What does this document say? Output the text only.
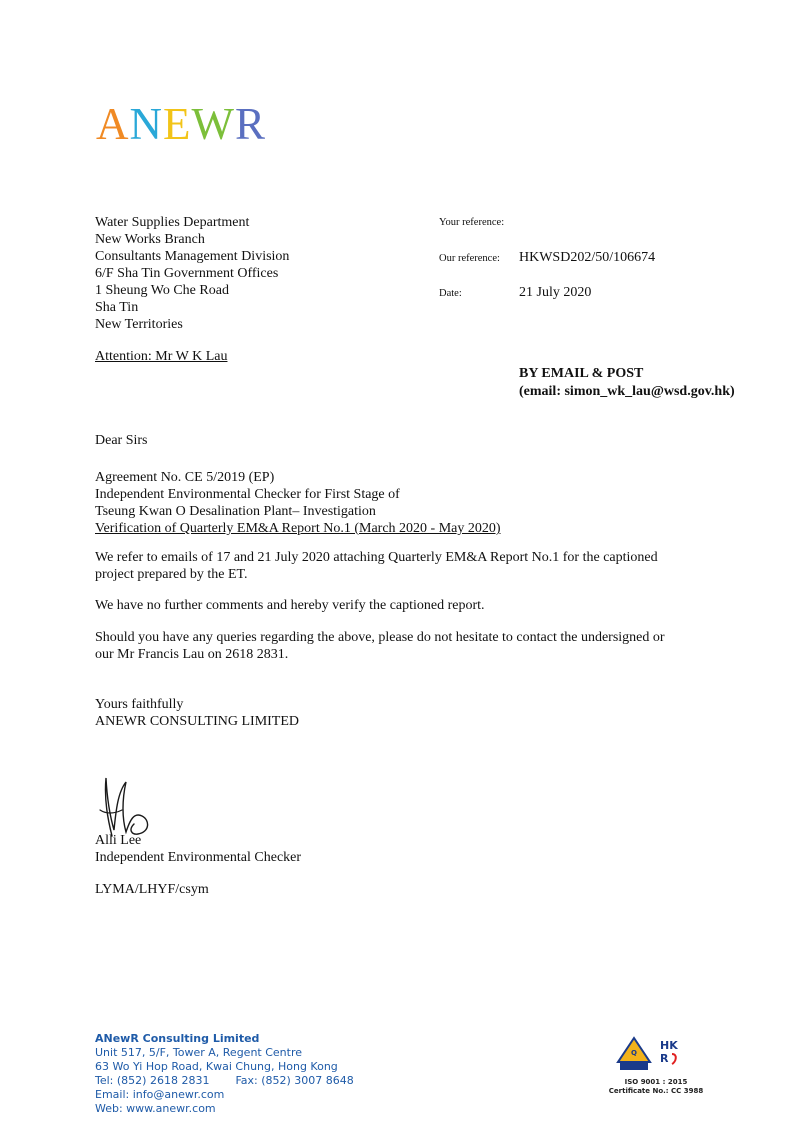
ANEWR
Water Supplies Department
New Works Branch
Consultants Management Division
6/F Sha Tin Government Offices
1 Sheung Wo Che Road
Sha Tin
New Territories
Your reference:
Our reference: HKWSD202/50/106674
Date:	21 July 2020
Attention: Mr W K Lau
BY EMAIL & POST
(email: simon_wk_lau@wsd.gov.hk)
Dear Sirs
Agreement No. CE 5/2019 (EP)
Independent Environmental Checker for First Stage of
Tseung Kwan O Desalination Plant– Investigation
Verification of Quarterly EM&A Report No.1 (March 2020 - May 2020)
We refer to emails of 17 and 21 July 2020 attaching Quarterly EM&A Report No.1 for the captioned
project prepared by the ET.
We have no further comments and hereby verify the captioned report.
Should you have any queries regarding the above, please do not hesitate to contact the undersigned or
our Mr Francis Lau on 2618 2831.
Yours faithfully
ANEWR CONSULTING LIMITED
Alli Lee
Independent Environmental Checker
LYMA/LHYF/csym
ANewR Consulting Limited
Unit 517, 5/F, Tower A, Regent Centre
63 Wo Yi Hop Road, Kwai Chung, Hong Kong
Tel: (852) 2618 2831 Fax: (852) 3007 8648
Email: info@anewr.com
Web: www.anewr.com
Q
HK
R
ISO 9001 : 2015
Certificate No.: CC 3988
